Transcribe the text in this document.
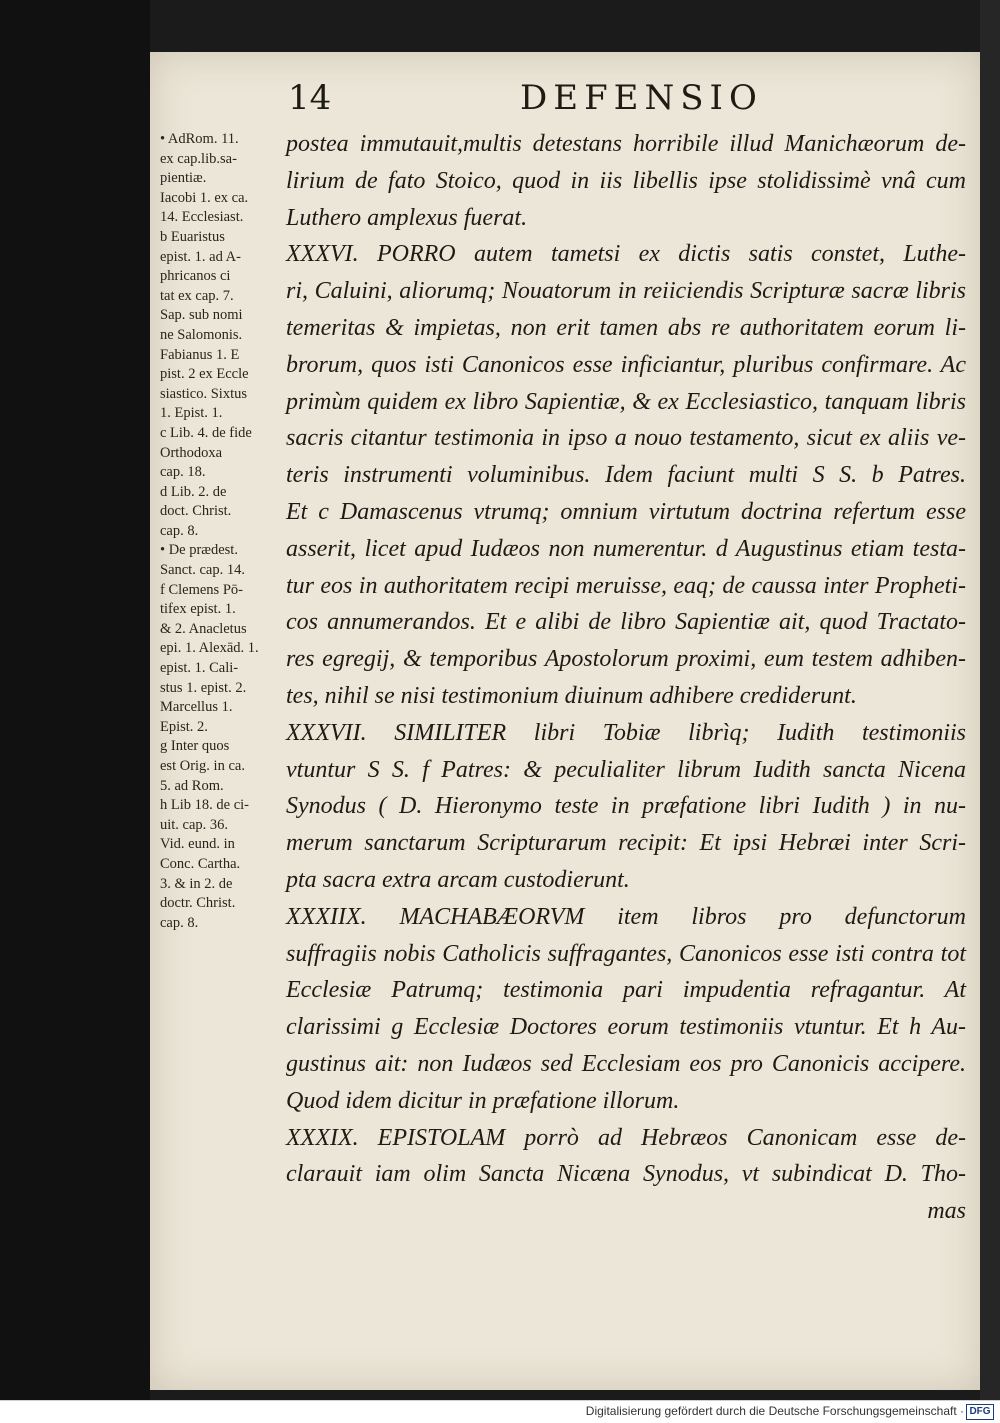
14	DEFENSIO
• AdRom. 11.
ex cap.lib.sa-
pientiæ.
Iacobi 1. ex ca.
14. Ecclesiast.
b Euaristus
epist. 1. ad A-
phricanos ci
tat ex cap. 7.
Sap. sub nomi
ne Salomonis.
Fabianus 1. E
pist. 2 ex Eccle
siastico. Sixtus
1. Epist. 1.
c Lib. 4. de fide
Orthodoxa
cap. 18.
d Lib. 2. de
doct. Christ.
cap. 8.
• De prædest.
Sanct. cap. 14.
f Clemens Pō-
tifex epist. 1.
& 2. Anacletus
epi. 1. Alexād. 1.
epist. 1. Cali-
stus 1. epist. 2.
Marcellus 1.
Epist. 2.
g Inter quos
est Orig. in ca.
5. ad Rom.
h Lib 18. de ci-
uit. cap. 36.
Vid. eund. in
Conc. Cartha.
3. & in 2. de
doctr. Christ.
cap. 8.
postea immutauit,multis detestans horribile illud Manichæorum de-
lirium de fato Stoico, quod in iis libellis ipse stolidissimè vnâ cum
Luthero amplexus fuerat.
XXXVI. PORRO autem tametsi ex dictis satis constet, Luthe-
ri, Caluini, aliorumq; Nouatorum in reiiciendis Scripturæ sacræ libris
temeritas & impietas, non erit tamen abs re authoritatem eorum li-
brorum, quos isti Canonicos esse inficiantur, pluribus confirmare. Ac
primùm quidem ex libro Sapientiæ, & ex Ecclesiastico, tanquam libris
sacris citantur testimonia in ipso a nouo testamento, sicut ex aliis ve-
teris instrumenti voluminibus. Idem faciunt multi S S. b Patres.
Et c Damascenus vtrumq; omnium virtutum doctrina refertum esse
asserit, licet apud Iudæos non numerentur. d Augustinus etiam testa-
tur eos in authoritatem recipi meruisse, eaq; de caussa inter Propheti-
cos annumerandos. Et e alibi de libro Sapientiæ ait, quod Tractato-
res egregij, & temporibus Apostolorum proximi, eum testem adhiben-
tes, nihil se nisi testimonium diuinum adhibere crediderunt.
XXXVII. SIMILITER libri Tobiæ librìq; Iudith testimoniis
vtuntur S S. f Patres: & peculialiter librum Iudith sancta Nicena
Synodus ( D. Hieronymo teste in præfatione libri Iudith ) in nu-
merum sanctarum Scripturarum recipit: Et ipsi Hebræi inter Scri-
pta sacra extra arcam custodierunt.
XXXIIX. MACHABÆORVM item libros pro defunctorum
suffragiis nobis Catholicis suffragantes, Canonicos esse isti contra tot
Ecclesiæ Patrumq; testimonia pari impudentia refragantur. At
clarissimi g Ecclesiæ Doctores eorum testimoniis vtuntur. Et h Au-
gustinus ait: non Iudæos sed Ecclesiam eos pro Canonicis accipere.
Quod idem dicitur in præfatione illorum.
XXXIX. EPISTOLAM porrò ad Hebræos Canonicam esse de-
clarauit iam olim Sancta Nicæna Synodus, vt subindicat D. Tho-
mas
Digitalisierung gefördert durch die Deutsche Forschungsgemeinschaft · DFG
